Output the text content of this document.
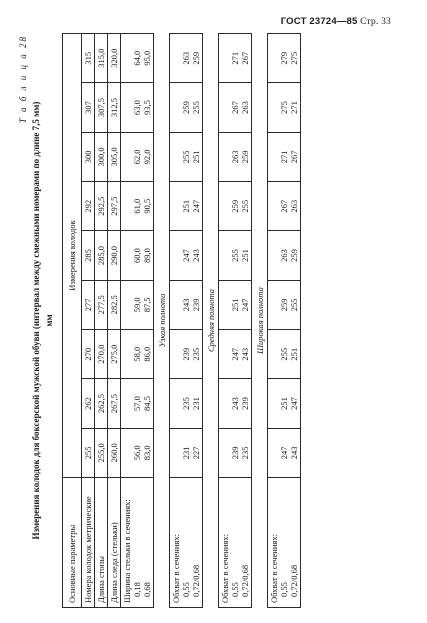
ГОСТ 23724—85 Стр. 33
Т а б л и ц а 28
Измерения колодок для боксерской мужской обуви (интервал между смежными номерами по длине 7,5 мм) мм
Основные параметры	Измерения колодок								
Номера колодок метрические	255	262	270	277	285	292	300	307	315
Длина стопы	255,0	262,5	270,0	277,5	285,0	292,5	300,0	307,5	315,0
Длина следа (стельки)	260,0	267,5	275,0	282,5	290,0	297,5	305,0	312,5	320,0

Ширина стельки в сечениях: 0,18 0,68	56,0 83,0	57,0 84,5	58,0 86,0	59,0 87,5	60,0 89,0	61,0 90,5	62,0 92,0	63,0 93,5	64,0 95,0

Узкая полнота									

Обхват в сечениях: 0,55 0,72/0,68	231 227	235 231	239 235	243 239	247 243	251 247	255 251	259 255	263 259

Средняя полнота									

Обхват в сечениях: 0,55 0,72/0,68	239 235	243 239	247 243	251 247	255 251	259 255	263 259	267 263	271 267

Широкая полнота									

Обхват в сечениях: 0,55 0,72/0,68	247 243	251 247	255 251	259 255	263 259	267 263	271 267	275 271	279 275
